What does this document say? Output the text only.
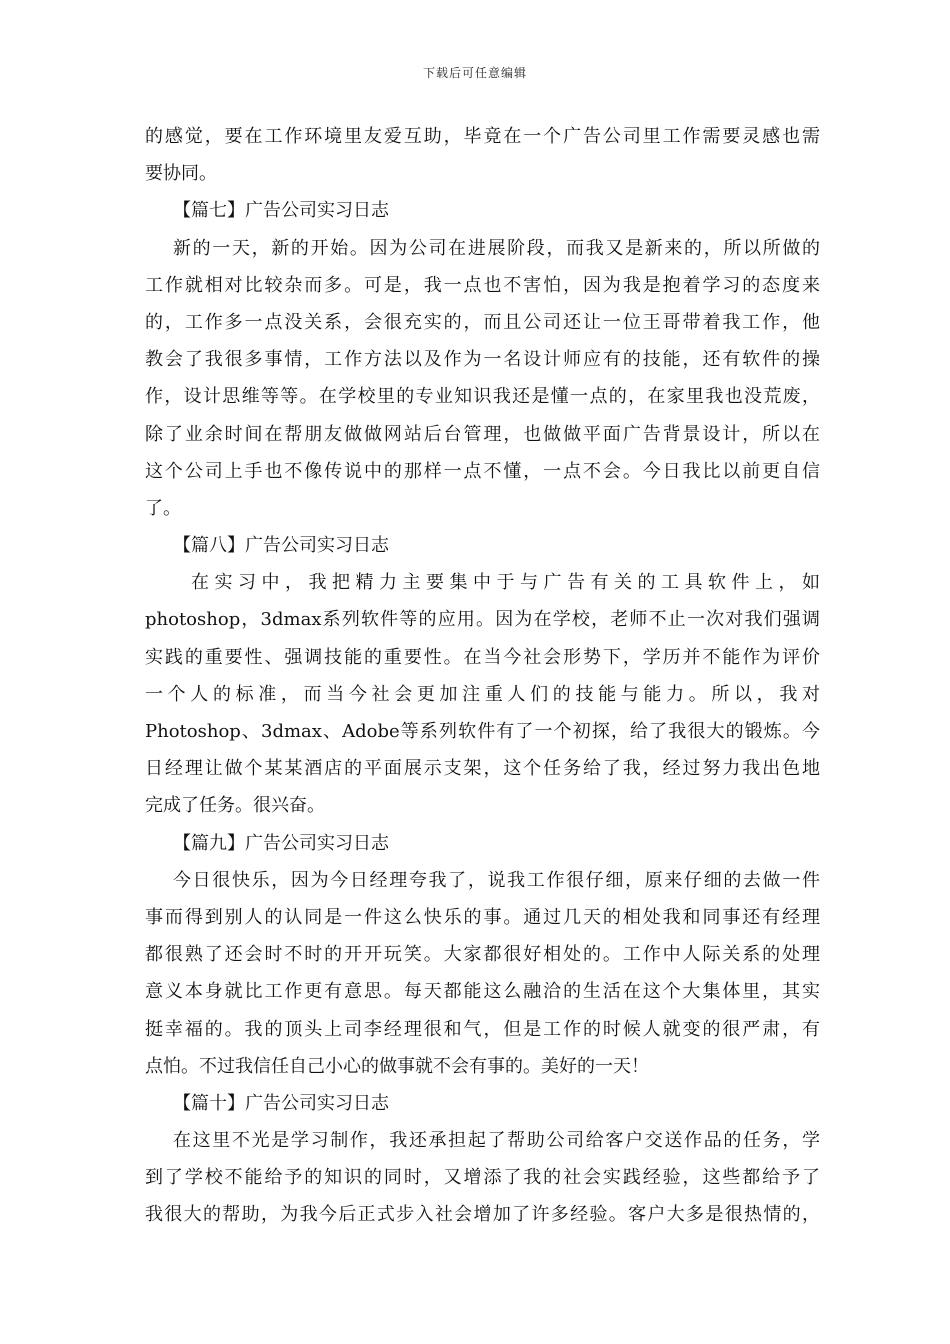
下载后可任意编辑
的感觉，要在工作环境里友爱互助，毕竟在一个广告公司里工作需要灵感也需
要协同。
【篇七】广告公司实习日志
新的一天，新的开始。因为公司在进展阶段，而我又是新来的，所以所做的
工作就相对比较杂而多。可是，我一点也不害怕，因为我是抱着学习的态度来
的，工作多一点没关系，会很充实的，而且公司还让一位王哥带着我工作，他
教会了我很多事情，工作方法以及作为一名设计师应有的技能，还有软件的操
作，设计思维等等。在学校里的专业知识我还是懂一点的，在家里我也没荒废，
除了业余时间在帮朋友做做网站后台管理，也做做平面广告背景设计，所以在
这个公司上手也不像传说中的那样一点不懂，一点不会。今日我比以前更自信
了。
【篇八】广告公司实习日志
在实习中，我把精力主要集中于与广告有关的工具软件上，如
photoshop，3dmax系列软件等的应用。因为在学校，老师不止一次对我们强调
实践的重要性、强调技能的重要性。在当今社会形势下，学历并不能作为评价
一个人的标准，而当今社会更加注重人们的技能与能力。所以，我对
Photoshop、3dmax、Adobe等系列软件有了一个初探，给了我很大的锻炼。今
日经理让做个某某酒店的平面展示支架，这个任务给了我，经过努力我出色地
完成了任务。很兴奋。
【篇九】广告公司实习日志
今日很快乐，因为今日经理夸我了，说我工作很仔细，原来仔细的去做一件
事而得到别人的认同是一件这么快乐的事。通过几天的相处我和同事还有经理
都很熟了还会时不时的开开玩笑。大家都很好相处的。工作中人际关系的处理
意义本身就比工作更有意思。每天都能这么融洽的生活在这个大集体里，其实
挺幸福的。我的顶头上司李经理很和气，但是工作的时候人就变的很严肃，有
点怕。不过我信任自己小心的做事就不会有事的。美好的一天！
【篇十】广告公司实习日志
在这里不光是学习制作，我还承担起了帮助公司给客户交送作品的任务，学
到了学校不能给予的知识的同时，又增添了我的社会实践经验，这些都给予了
我很大的帮助，为我今后正式步入社会增加了许多经验。客户大多是很热情的，
